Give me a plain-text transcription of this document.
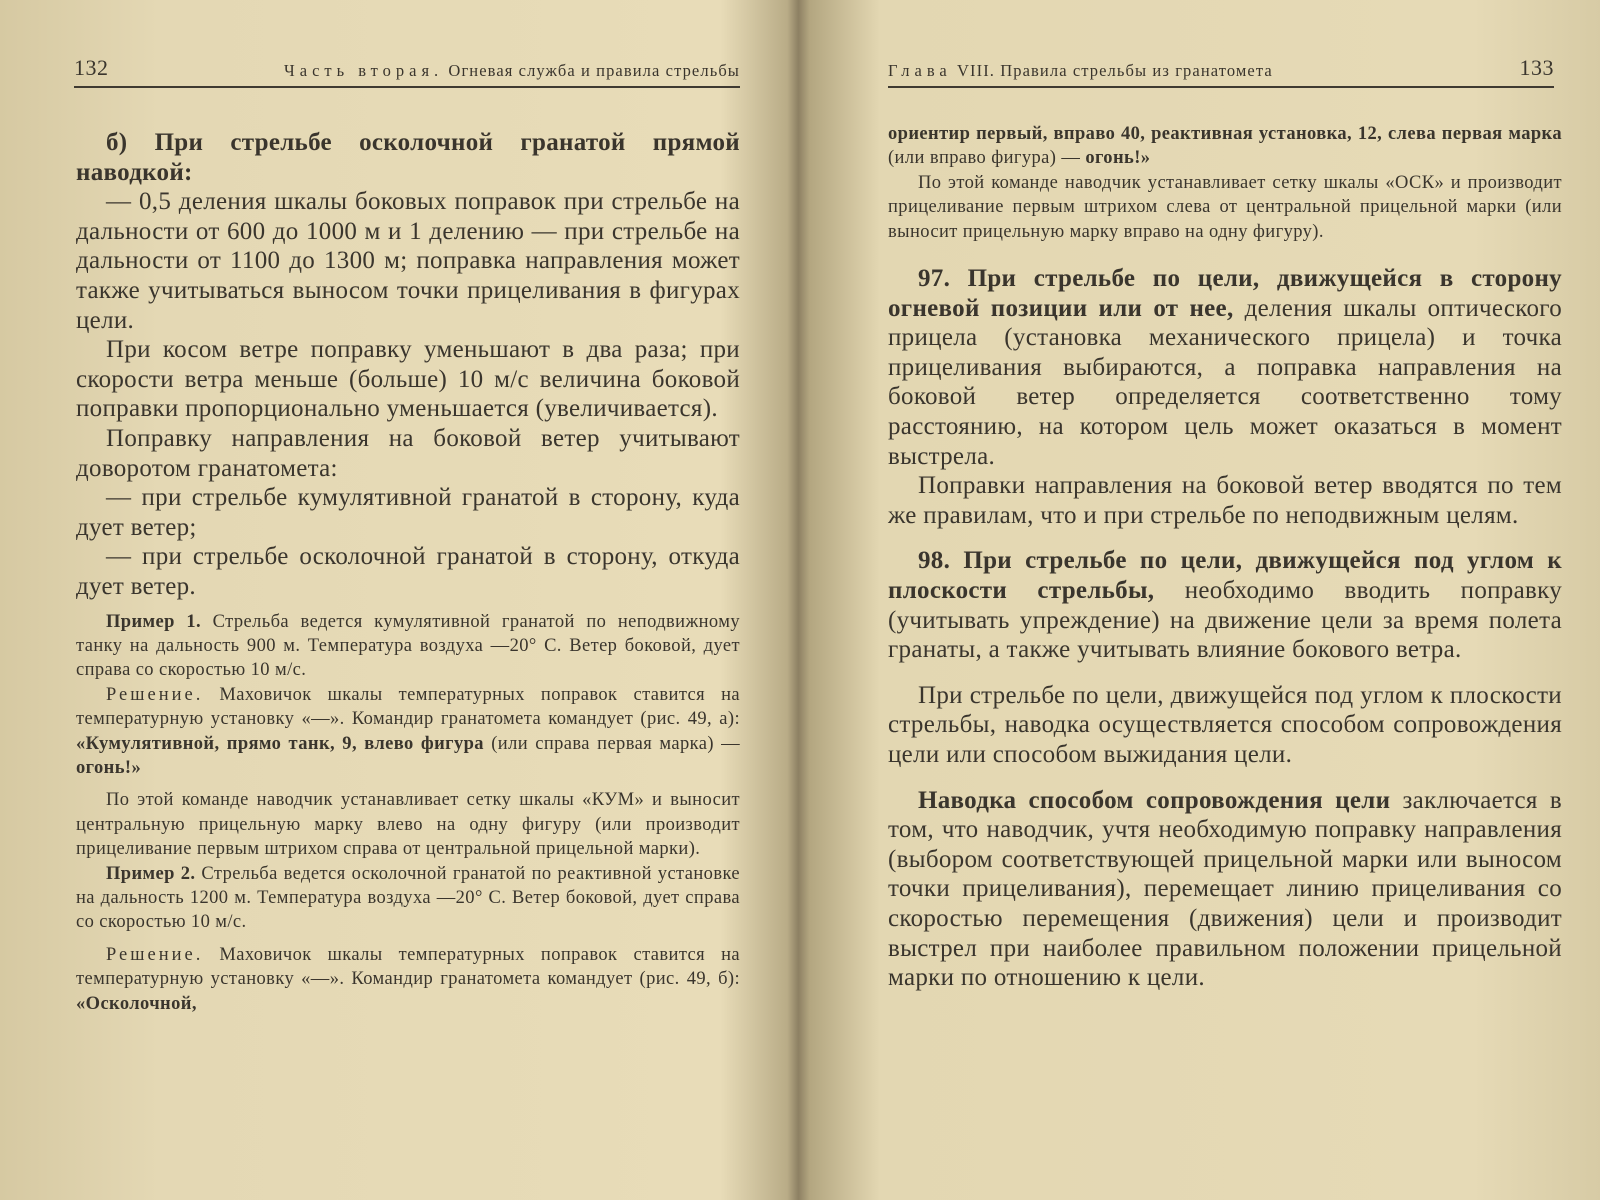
132	Часть вторая. Огневая служба и правила стрельбы

б) При стрельбе осколочной гранатой прямой наводкой:

— 0,5 деления шкалы боковых поправок при стрельбе на дальности от 600 до 1000 м и 1 делению — при стрельбе на дальности от 1100 до 1300 м; поправка направления может также учитываться выносом точки прицеливания в фигурах цели.

При косом ветре поправку уменьшают в два раза; при скорости ветра меньше (больше) 10 м/с величина боковой поправки пропорционально уменьшается (увеличивается).

Поправку направления на боковой ветер учитывают доворотом гранатомета:

— при стрельбе кумулятивной гранатой в сторону, куда дует ветер;

— при стрельбе осколочной гранатой в сторону, откуда дует ветер.

Пример 1. Стрельба ведется кумулятивной гранатой по неподвижному танку на дальность 900 м. Температура воздуха —20° С. Ветер боковой, дует справа со скоростью 10 м/с.

Решение. Маховичок шкалы температурных поправок ставится на температурную установку «—». Командир гранатомета командует (рис. 49, а): «Кумулятивной, прямо танк, 9, влево фигура (или справа первая марка) — огонь!»

По этой команде наводчик устанавливает сетку шкалы «КУМ» и выносит центральную прицельную марку влево на одну фигуру (или производит прицеливание первым штрихом справа от центральной прицельной марки).

Пример 2. Стрельба ведется осколочной гранатой по реактивной установке на дальность 1200 м. Температура воздуха —20° С. Ветер боковой, дует справа со скоростью 10 м/с.

Решение. Маховичок шкалы температурных поправок ставится на температурную установку «—». Командир гранатомета командует (рис. 49, б): «Осколочной,

Глава VIII. Правила стрельбы из гранатомета	133

ориентир первый, вправо 40, реактивная установка, 12, слева первая марка (или вправо фигура) — огонь!»

По этой команде наводчик устанавливает сетку шкалы «ОСК» и производит прицеливание первым штрихом слева от центральной прицельной марки (или выносит прицельную марку вправо на одну фигуру).

97. При стрельбе по цели, движущейся в сторону огневой позиции или от нее, деления шкалы оптического прицела (установка механического прицела) и точка прицеливания выбираются, а поправка направления на боковой ветер определяется соответственно тому расстоянию, на котором цель может оказаться в момент выстрела.

Поправки направления на боковой ветер вводятся по тем же правилам, что и при стрельбе по неподвижным целям.

98. При стрельбе по цели, движущейся под углом к плоскости стрельбы, необходимо вводить поправку (учитывать упреждение) на движение цели за время полета гранаты, а также учитывать влияние бокового ветра.

При стрельбе по цели, движущейся под углом к плоскости стрельбы, наводка осуществляется способом сопровождения цели или способом выжидания цели.

Наводка способом сопровождения цели заключается в том, что наводчик, учтя необходимую поправку направления (выбором соответствующей прицельной марки или выносом точки прицеливания), перемещает линию прицеливания со скоростью перемещения (движения) цели и производит выстрел при наиболее правильном положении прицельной марки по отношению к цели.
